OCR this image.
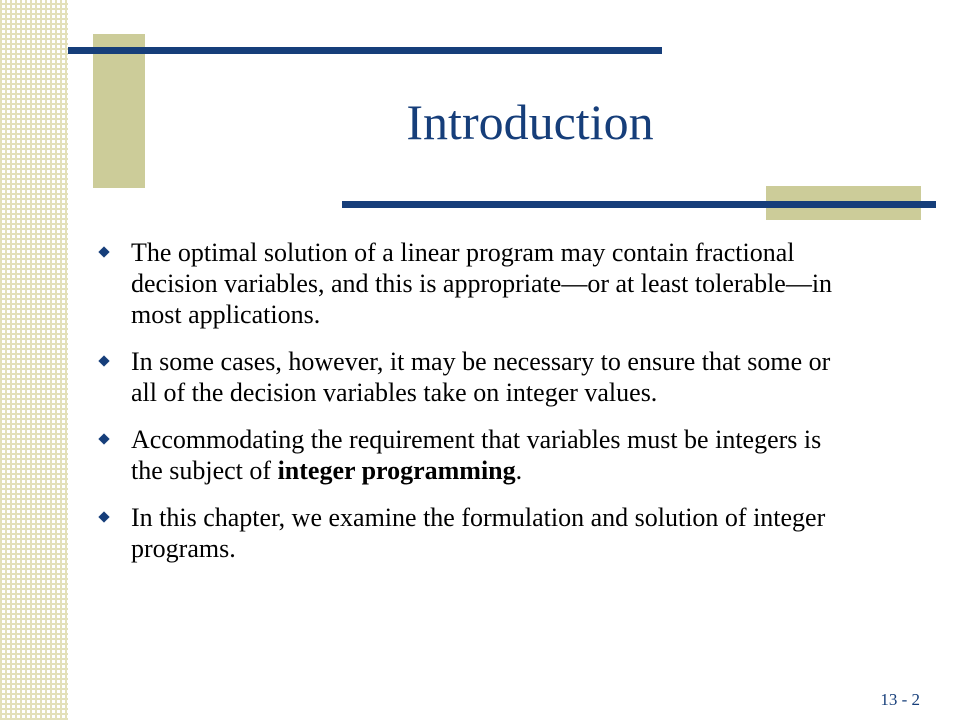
Introduction
The optimal solution of a linear program may contain fractional decision variables, and this is appropriate—or at least tolerable—in most applications.
In some cases, however, it may be necessary to ensure that some or all of the decision variables take on integer values.
Accommodating the requirement that variables must be integers is the subject of integer programming.
In this chapter, we examine the formulation and solution of integer programs.
13 - 2
